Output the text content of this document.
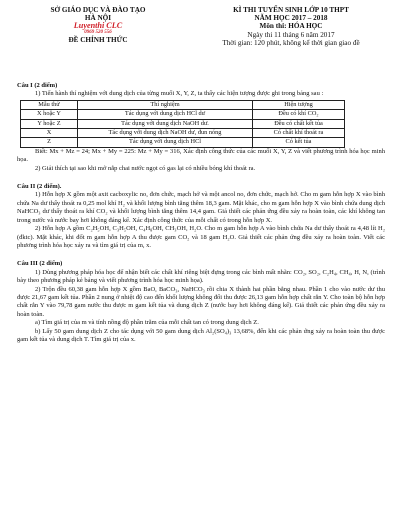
SỞ GIÁO DỤC VÀ ĐÀO TẠO
HÀ NỘI
Luyenthi CLC
0969 520 556
ĐỀ CHÍNH THỨC
KÌ THI TUYỂN SINH LỚP 10 THPT
NĂM HỌC 2017 – 2018
Môn thi: HÓA HỌC
Ngày thi 11 tháng 6 năm 2017
Thời gian: 120 phút, không kể thời gian giao đề
Câu I (2 điểm)

1) Tiến hành thí nghiệm với dung dịch của từng muối X, Y, Z, ta thấy các hiện tượng được ghi trong bảng sau :

Mẫu thử	Thí nghiệm	Hiện tượng
X hoặc Y	Tác dụng với dung dịch HCl dư	Đều có khí CO₂
Y hoặc Z	Tác dụng với dung dịch NaOH dư.	Đều có chất kết tủa
X	Tác dụng với dung dịch NaOH dư, đun nóng	Có chất khí thoát ra
Z	Tác dụng với dung dịch HCl	Có kết tủa

Biết: Mx + Mz = 24; Mx + My = 225: Mz + My = 316, Xác định công thức của các muối X, Y, Z và viết phương trình hóa học minh họa.

2) Giải thích tại sao khi mở nắp chai nước ngọt có gas lại có nhiều bóng khí thoát ra.

Câu II (2 điểm).

1) Hỗn hợp X gồm một axit cacboxylic no, đơn chức, mạch hở và một ancol no, đơn chức, mạch hở. Cho m gam hỗn hợp X vào bình chứa Na dư thấy thoát ra 0,25 mol khí H₂ và khối lượng bình tăng thêm 18,3 gam. Mặt khác, cho m gam hỗn hợp X vào bình chứa dung dịch NaHCO₃ dư thấy thoát ra khí CO₂ và khối lượng bình tăng thêm 14,4 gam. Giả thiết các phản ứng đều xảy ra hoàn toàn, các khí không tan trong nước và nước bay hơi không đáng kể. Xác định công thức của mỗi chất có trong hỗn hợp X.

2) Hỗn hợp A gồm C₂H₅OH, C₃H₅OH, C₄H₈OH, CH₃OH, H₂O. Cho m gam hỗn hợp A vào bình chứa Na dư thấy thoát ra 4,48 lít H₂ (đktc). Mặt khác, khi đốt m gam hỗn hợp A thu được gam CO₂ và 18 gam H₂O. Giả thiết các phản ứng đều xảy ra hoàn toàn. Viết các phương trình hóa học xảy ra và tìm giá trị của m, x.

Câu III (2 điểm)

1) Dùng phương pháp hóa học để nhận biết các chất khí riêng biệt đựng trong các bình mất nhãn: CO₂, SO₂, C₂H₄, CH₄, H, N, (trình bày theo phương pháp kẻ bảng và viết phương trình hóa học minh họa).

2) Trộn đều 60,38 gam hỗn hợp X gồm BaO, BaCO₃, NaHCO₃ rồi chia X thành hai phần bằng nhau. Phần 1 cho vào nước dư thu được 21,67 gam kết tủa. Phần 2 nung ở nhiệt độ cao đến khối lượng không đổi thu được 26,13 gam hỗn hợp chất rắn Y. Cho toàn bộ hỗn hợp chất rắn Y vào 79,78 gam nước thu được m gam kết tủa và dung dịch Z (nước bay hơi không đáng kể). Giả thiết các phản ứng đều xảy ra hoàn toàn.

a) Tìm giá trị của m và tính nồng độ phần trăm của mỗi chất tan có trong dung dịch Z.

b) Lấy 50 gam dung dịch Z cho tác dụng với 50 gam dung dịch Al₂(SO₄)₃ 13,68%, đến khi các phản ứng xảy ra hoàn toàn thu được gam kết tủa và dung dịch T. Tìm giá trị của x.
